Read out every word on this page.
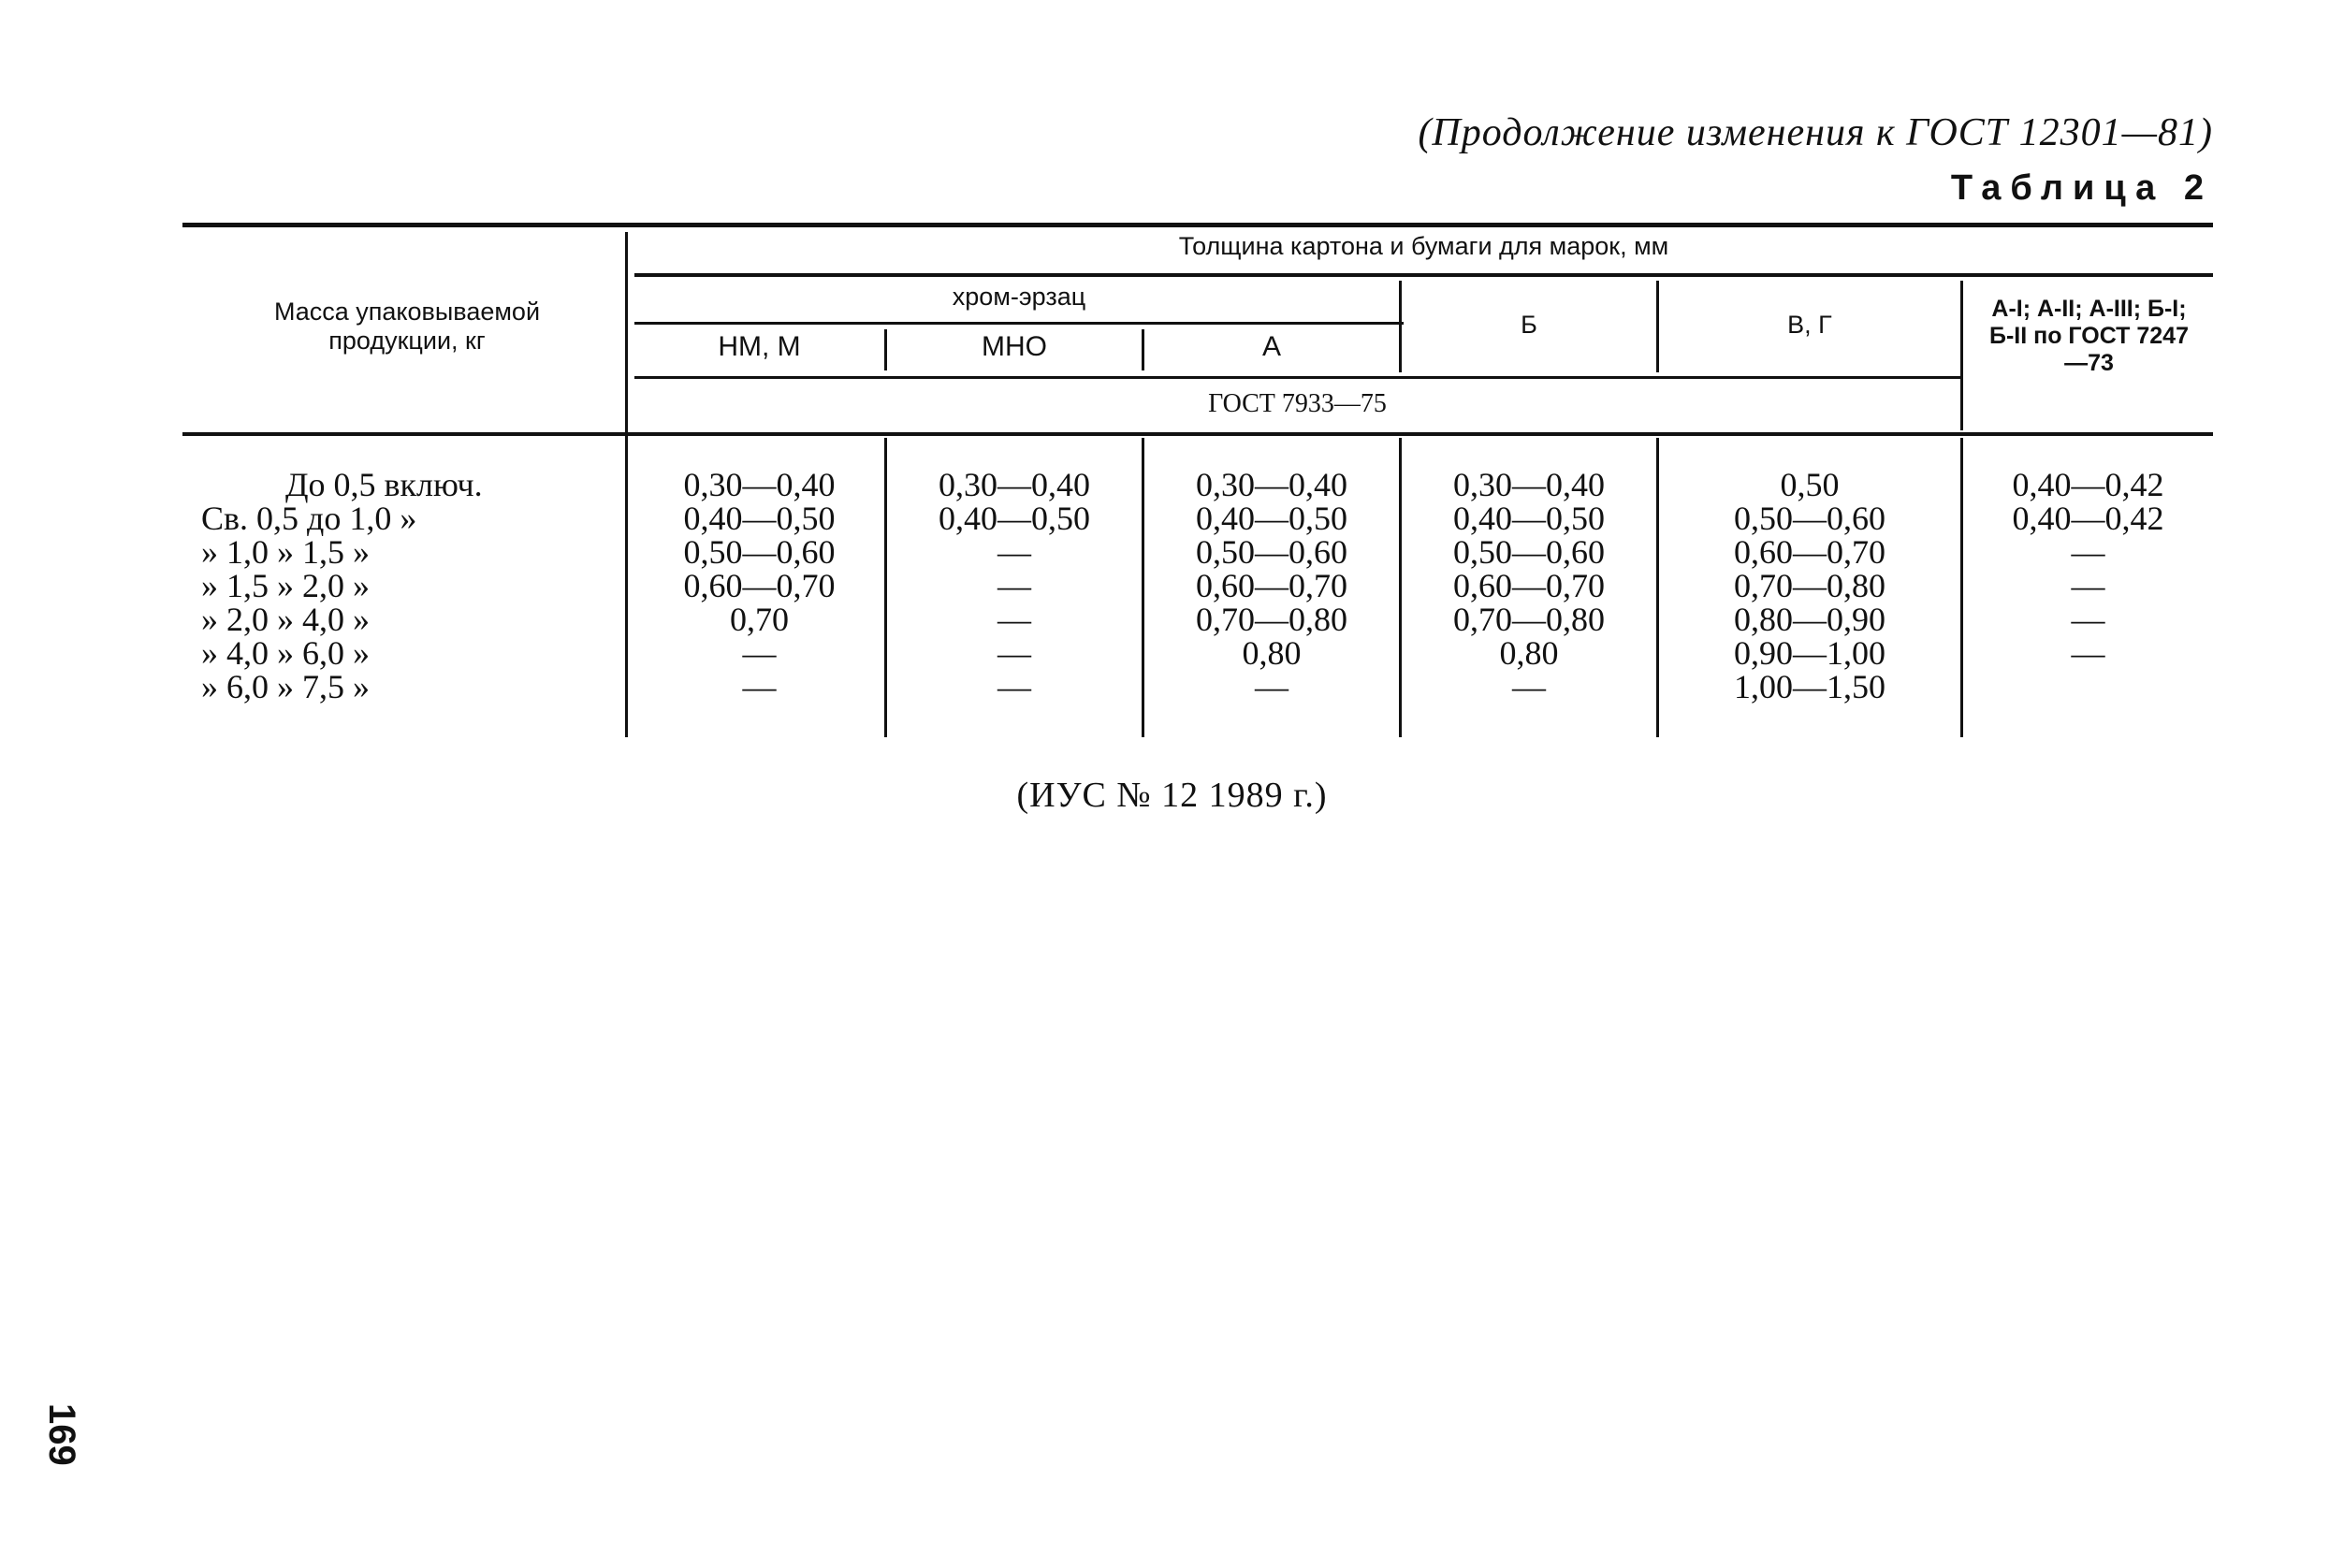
(Продолжение изменения к ГОСТ 12301—81)
Таблица 2
Масса упаковываемой продукции, кг
Толщина картона и бумаги для марок, мм
хром-эрзац
НМ, М	МНО	А
Б	В, Г
А-I; А-II; А-III; Б-I; Б-II по ГОСТ 7247—73
ГОСТ 7933—75
До 0,5 включ.	0,30—0,40	0,30—0,40	0,30—0,40	0,30—0,40	0,50	0,40—0,42
Св. 0,5 до 1,0 »	0,40—0,50	0,40—0,50	0,40—0,50	0,40—0,50	0,50—0,60	0,40—0,42
» 1,0 » 1,5 »	0,50—0,60	—	0,50—0,60	0,50—0,60	0,60—0,70	—
» 1,5 » 2,0 »	0,60—0,70	—	0,60—0,70	0,60—0,70	0,70—0,80	—
» 2,0 » 4,0 »	0,70	—	0,70—0,80	0,70—0,80	0,80—0,90	—
» 4,0 » 6,0 »	—	—	0,80	0,80	0,90—1,00	—
» 6,0 » 7,5 »	—	—	—	—	1,00—1,50
(ИУС № 12 1989 г.)
169
